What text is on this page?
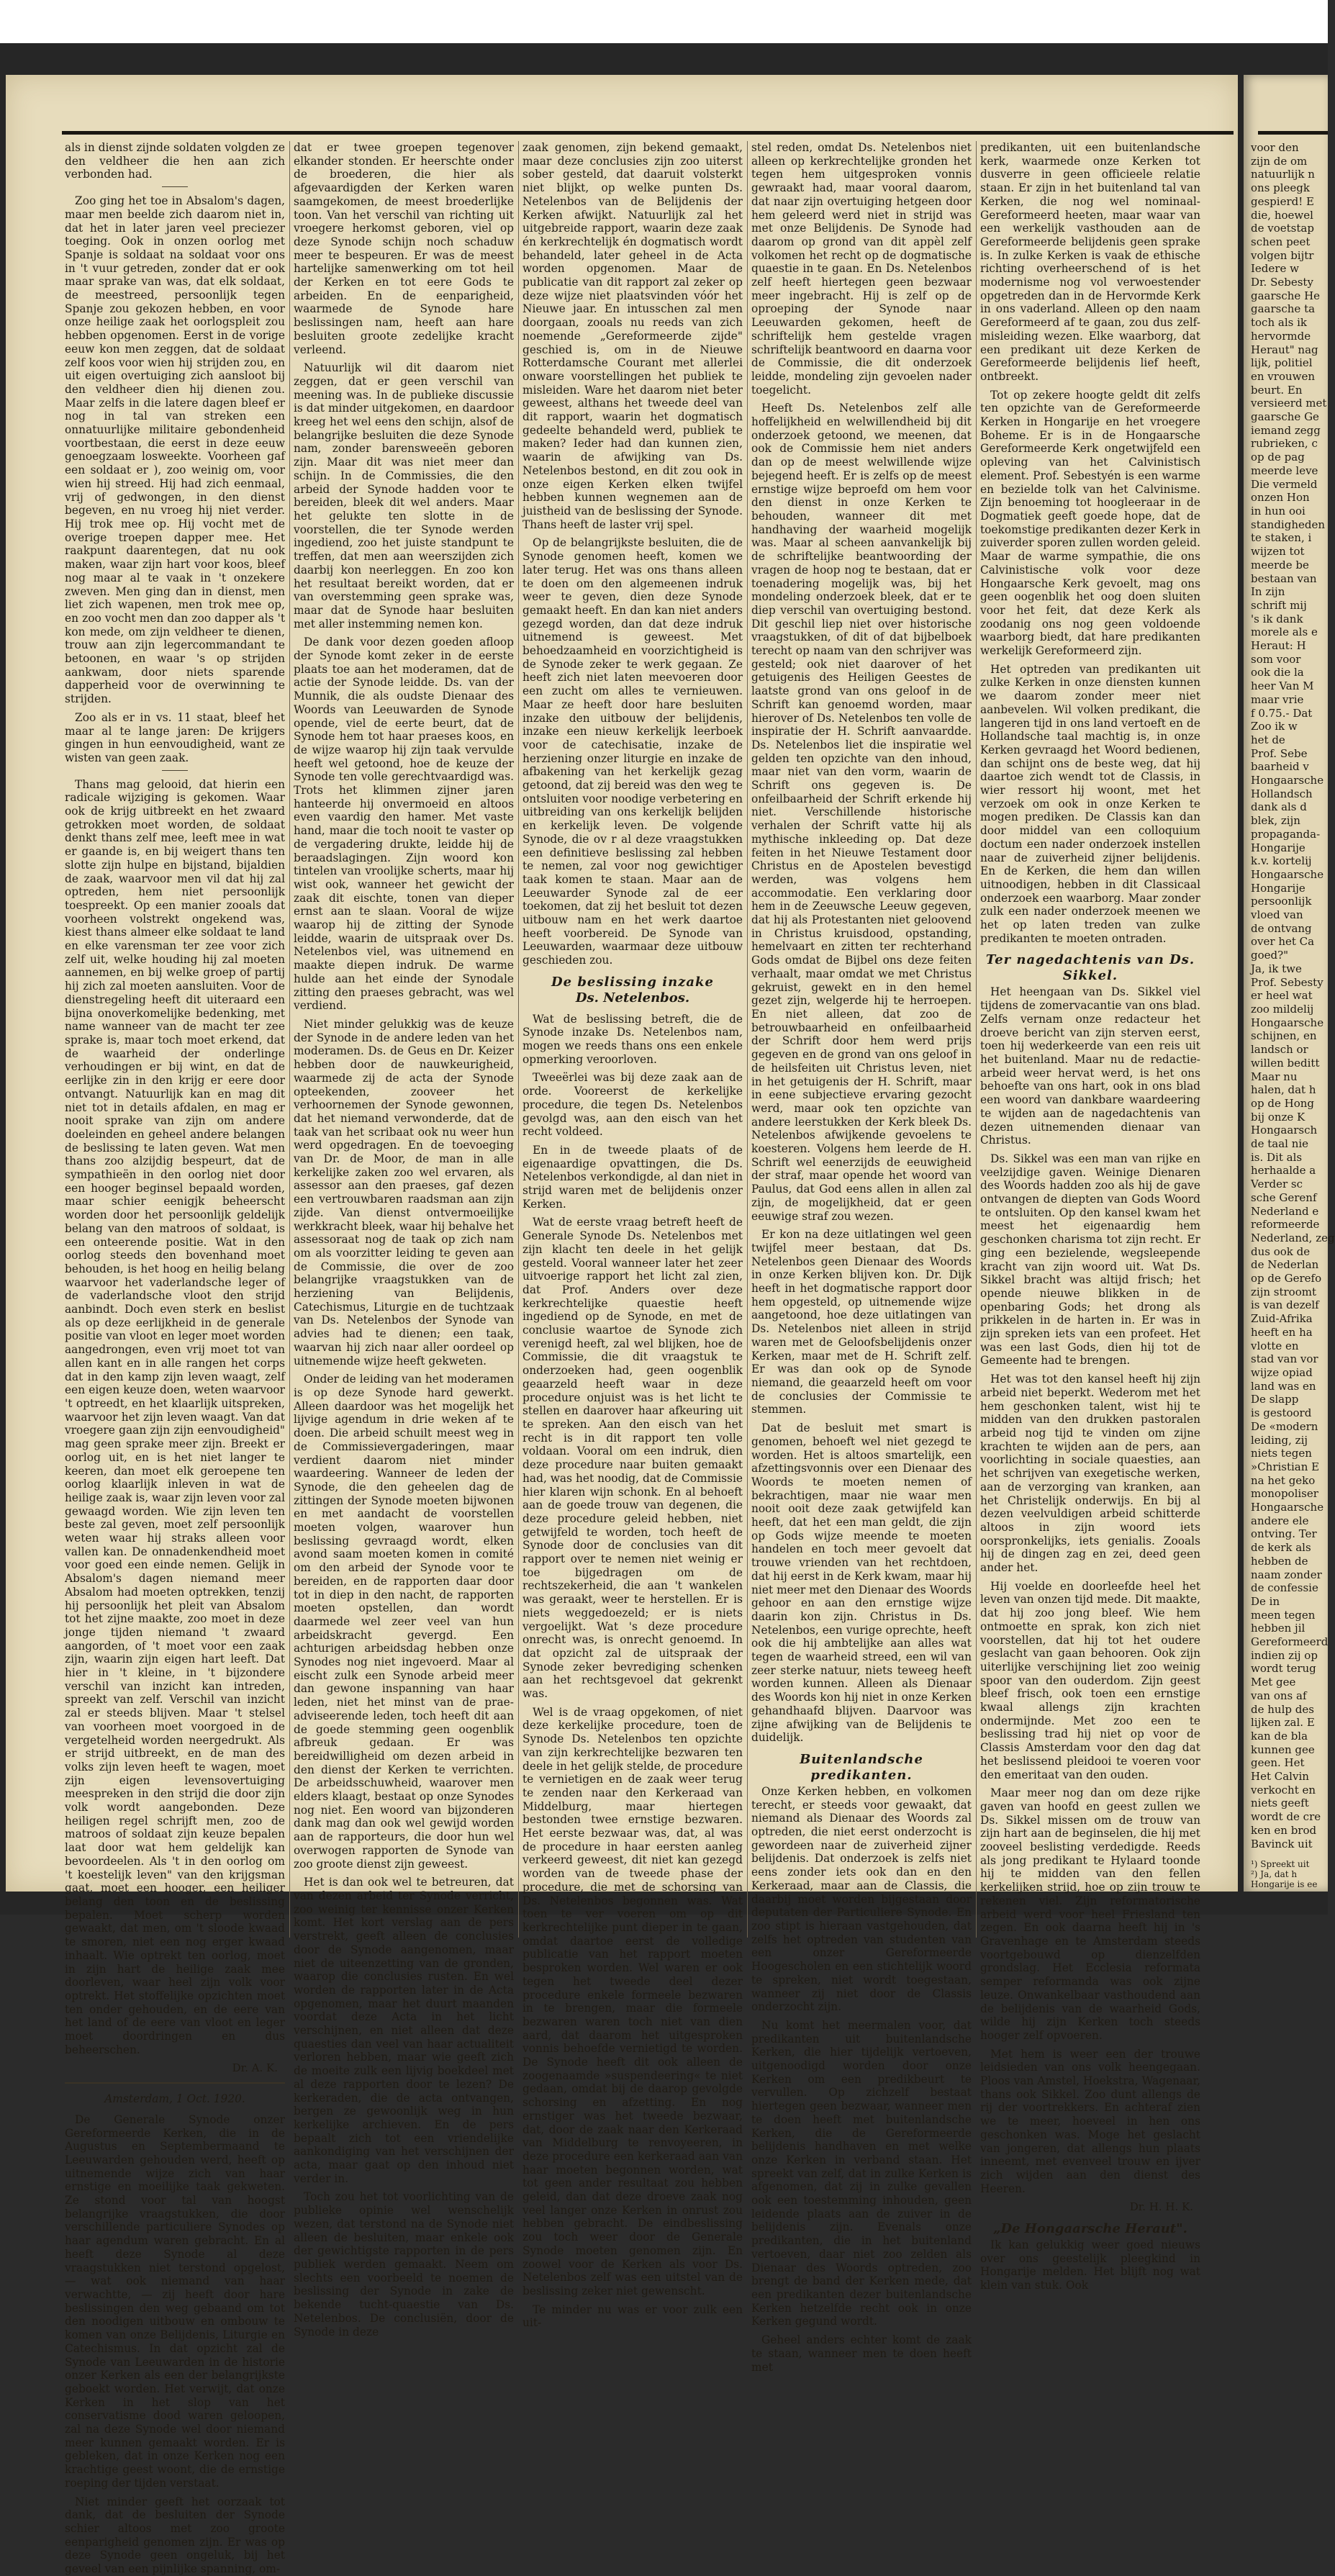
als in dienst zijnde soldaten volgden ze den veldheer die hen aan zich verbonden had.

Zoo ging het toe in Absalom's dagen, maar men beelde zich daarom niet in, dat het in later jaren veel preciezer toeging. Ook in onzen oorlog met Spanje is soldaat na soldaat voor ons in 't vuur getreden, zonder dat er ook maar sprake van was, dat elk soldaat, de meestreed, persoonlijk tegen Spanje zou gekozen hebben, en voor onze heilige zaak het oorlogspleit zou hebben opgenomen. Eerst in de vorige eeuw kon men zeggen, dat de soldaat zelf koos voor wien hij strijden zou, en uit eigen overtuiging zich aansloot bij den veldheer dien hij dienen zou. Maar zelfs in die latere dagen bleef er nog in tal van streken een onnatuurlijke militaire gebondenheid voortbestaan, die eerst in deze eeuw genoegzaam losweekte. Voorheen gaf een soldaat er ), zoo weinig om, voor wien hij streed. Hij had zich eenmaal, vrij of gedwongen, in den dienst begeven, en nu vroeg hij niet verder. Hij trok mee op. Hij vocht met de overige troepen dapper mee. Het raakpunt daarentegen, dat nu ook maken, waar zijn hart voor koos, bleef nog maar al te vaak in 't onzekere zweven. Men ging dan in dienst, men liet zich wapenen, men trok mee op, en zoo vocht men dan zoo dapper als 't kon mede, om zijn veldheer te dienen, trouw aan zijn legercommandant te betoonen, en waar 's op strijden aankwam, door niets sparende dapperheid voor de overwinning te strijden.

Zoo als er in vs. 11 staat, bleef het maar al te lange jaren: De krijgers gingen in hun eenvoudigheid, want ze wisten van geen zaak.

Thans mag gelooid, dat hierin een radicale wijziging is gekomen. Waar ook de krijg uitbreekt en het zwaard getrokken moet worden, de soldaat denkt thans zelf mee, leeft mee in wat er gaande is, en bij weigert thans ten slotte zijn hulpe en bijstand, bijaldien de zaak, waarvoor men vil dat hij zal optreden, hem niet persoonlijk toespreekt. Op een manier zooals dat voorheen volstrekt ongekend was, kiest thans almeer elke soldaat te land en elke varensman ter zee voor zich zelf uit, welke houding hij zal moeten aannemen, en bij welke groep of partij hij zich zal moeten aansluiten. Voor de dienstregeling heeft dit uiteraard een bijna onoverkomelijke bedenking, met name wanneer van de macht ter zee sprake is, maar toch moet erkend, dat de waarheid der onderlinge verhoudingen er bij wint, en dat de eerlijke zin in den krijg er eere door ontvangt. Natuurlijk kan en mag dit niet tot in details afdalen, en mag er nooit sprake van zijn om andere doeleinden en geheel andere belangen de beslissing te laten geven. Wat men thans zoo alzijdig bespeurt, dat de sympathieën in den oorlog niet door een hooger beginsel bepaald worden, maar schier eenigjk beheerscht worden door het persoonlijk geldelijk belang van den matroos of soldaat, is een onteerende positie. Wat in den oorlog steeds den bovenhand moet behouden, is het hoog en heilig belang waarvoor het vaderlandsche leger of de vaderlandsche vloot den strijd aanbindt. Doch even sterk en beslist als op deze eerlijkheid in de generale positie van vloot en leger moet worden aangedrongen, even vrij moet tot van allen kant en in alle rangen het corps dat in den kamp zijn leven waagt, zelf een eigen keuze doen, weten waarvoor 't optreedt, en het klaarlijk uitspreken, waarvoor het zijn leven waagt. Van dat vroegere gaan zijn zijn eenvoudigheid" mag geen sprake meer zijn. Breekt er oorlog uit, en is het niet langer te keeren, dan moet elk geroepene ten oorlog klaarlijk inleven in wat de heilige zaak is, waar zijn leven voor zal gewaagd worden. Wie zijn leven ten beste zal geven, moet zelf persoonlijk weten waar hij straks alleen voor vallen kan. De onnadenkendheid moet voor goed een einde nemen. Gelijk in Absalom's dagen niemand meer Absalom had moeten optrekken, tenzij hij persoonlijk het pleit van Absalom tot het zijne maakte, zoo moet in deze jonge tijden niemand 't zwaard aangorden, of 't moet voor een zaak zijn, waarin zijn eigen hart leeft. Dat hier in 't kleine, in 't bijzondere verschil van inzicht kan intreden, spreekt van zelf. Verschil van inzicht zal er steeds blijven. Maar 't stelsel van voorheen moet voorgoed in de vergetelheid worden neergedrukt. Als er strijd uitbreekt, en de man des volks zijn leven heeft te wagen, moet zijn eigen levensovertuiging meespreken in den strijd die door zijn volk wordt aangebonden. Deze heiligen regel schrijft men, zoo de matroos of soldaat zijn keuze bepalen laat door wat hem geldelijk kan bevoordeelen. Als 't in den oorlog om 't koestelijk leven" van den krijgsman gaat, moet een hooger, een heiliger belang den toon en de beslissing bepalen. Moet scherp worden gewaakt, dat men, om 't sloode kwaad te smoren, niet een nog erger kwaad inhaalt. Wie optrekt ten oorlog, moet in zijn hart de heilige zaak mee doorleven, waar heel zijn volk voor optrekt. Het stoffelijke opzichten moet ten onder gehouden, en de eere van het land of de eere van vloot en leger moet doordringen en dus beheerschen.

Dr. A. K.
Amsterdam, 1 Oct. 1920.

De Generale Synode onzer Gereformeerde Kerken, die in de Augustus en Septembermaand te Leeuwarden gehouden werd, heeft op uitnemende wijze zich van haar ernstige en moeilijke taak gekweten. Ze stond voor tal van hoogst belangrijke vraagstukken, die door verschillende particuliere Synodes op haar agendum waren gebracht. En al heeft deze Synode al deze vraagstukken niet terstond opgelost, — wat ook niemand van haar verwachtte, — zij heeft door hare beslissingen den weg gebaand om tot den noodigen uitbouw en ombouw te komen van onze Belijdenis, Liturgie en Catechismus. In dat opzicht zal de Synode van Leeuwarden in de historie onzer Kerken als een der belangrijkste geboekt worden. Het verwijt, dat onze Kerken in het slop van het conservatisme dood waren geloopen, zal na deze Synode wel door niemand meer kunnen gemaakt worden. Er is gebleken, dat in onze Kerken nog een krachtige geest woont, die de ernstige roeping der tijden verstaat.

Niet minder geeft het oorzaak tot dank, dat de besluiten der Synode schier altoos met zoo groote eenparigheid genomen zijn. Er was op deze Synode geen ongeluk, bij het geveel van een pijnlijke spanning, om-

dat er twee groepen tegenover elkander stonden. Er heerschte onder de broederen, die hier als afgevaardigden der Kerken waren saamgekomen, de meest broederlijke toon. Van het verschil van richting uit vroegere herkomst geboren, viel op deze Synode schijn noch schaduw meer te bespeuren. Er was de meest hartelijke samenwerking om tot heil der Kerken en tot eere Gods te arbeiden. En de eenparigheid, waarmede de Synode hare beslissingen nam, heeft aan hare besluiten groote zedelijke kracht verleend.

Natuurlijk wil dit daarom niet zeggen, dat er geen verschil van meening was. In de publieke discussie is dat minder uitgekomen, en daardoor kreeg het wel eens den schijn, alsof de belangrijke besluiten die deze Synode nam, zonder barensweeën geboren zijn. Maar dit was niet meer dan schijn. In de Commissies, die den arbeid der Synode hadden voor te bereiden, bleek dit wel anders. Maar het gelukte ten slotte in de voorstellen, die ter Synode werden ingediend, zoo het juiste standpunt te treffen, dat men aan weerszijden zich daarbij kon neerleggen. En zoo kon het resultaat bereikt worden, dat er van overstemming geen sprake was, maar dat de Synode haar besluiten met aller instemming nemen kon.

De dank voor dezen goeden afloop der Synode komt zeker in de eerste plaats toe aan het moderamen, dat de actie der Synode leidde. Ds. van der Munnik, die als oudste Dienaar des Woords van Leeuwarden de Synode opende, viel de eerte beurt, dat de Synode hem tot haar praeses koos, en de wijze waarop hij zijn taak vervulde heeft wel getoond, hoe de keuze der Synode ten volle gerechtvaardigd was. Trots het klimmen zijner jaren hanteerde hij onvermoeid en altoos even vaardig den hamer. Met vaste hand, maar die toch nooit te vaster op de vergadering drukte, leidde hij de beraadslagingen. Zijn woord kon tintelen van vroolijke scherts, maar hij wist ook, wanneer het gewicht der zaak dit eischte, tonen van dieper ernst aan te slaan. Vooral de wijze waarop hij de zitting der Synode leidde, waarin de uitspraak over Ds. Netelenbos viel, was uitnemend en maakte diepen indruk. De warme hulde aan het einde der Synodale zitting den praeses gebracht, was wel verdiend.

Niet minder gelukkig was de keuze der Synode in de andere leden van het moderamen. Ds. de Geus en Dr. Keizer hebben door de nauwkeurigheid, waarmede zij de acta der Synode opteekenden, zooveer het verhoornemen der Synode gewonnen, dat het niemand verwonderde, dat de taak van het scribaat ook nu weer hun werd opgedragen. En de toevoeging van Dr. de Moor, de man in alle kerkelijke zaken zoo wel ervaren, als assessor aan den praeses, gaf dezen een vertrouwbaren raadsman aan zijn zijde. Van dienst ontvermoeilijke werkkracht bleek, waar hij behalve het assessoraat nog de taak op zich nam om als voorzitter leiding te geven aan de Commissie, die over de zoo belangrijke vraagstukken van de herziening van Belijdenis, Catechismus, Liturgie en de tuchtzaak van Ds. Netelenbos der Synode van advies had te dienen; een taak, waarvan hij zich naar aller oordeel op uitnemende wijze heeft gekweten.

Onder de leiding van het moderamen is op deze Synode hard gewerkt. Alleen daardoor was het mogelijk het lijvige agendum in drie weken af te doen. Die arbeid schuilt meest weg in de Commissievergaderingen, maar verdient daarom niet minder waardeering. Wanneer de leden der Synode, die den geheelen dag de zittingen der Synode moeten bijwonen en met aandacht de voorstellen moeten volgen, waarover hun beslissing gevraagd wordt, elken avond saam moeten komen in comité om den arbeid der Synode voor te bereiden, en de rapporten daar door tot in diep in den nacht, de rapporten moeten opstellen, dan wordt daarmede wel zeer veel van hun arbeidskracht gevergd. Een achturigen arbeidsdag hebben onze Synodes nog niet ingevoerd. Maar al eischt zulk een Synode arbeid meer dan gewone inspanning van haar leden, niet het minst van de prae-adviseerende leden, toch heeft dit aan de goede stemming geen oogenblik afbreuk gedaan. Er was bereidwilligheid om dezen arbeid in den dienst der Kerken te verrichten. De arbeidsschuwheid, waarover men elders klaagt, bestaat op onze Synodes nog niet. Een woord van bijzonderen dank mag dan ook wel gewijd worden aan de rapporteurs, die door hun wel overwogen rapporten de Synode van zoo groote dienst zijn geweest.

Het is dan ook wel te betreuren, dat van dezen arbeid ter Synode verricht, zoo weinig ter kennisse onzer Kerken komt. Het kort verslag aan de pers verstrekt, geeft alleen de conclusies door de Synode aangenomen, maar niet de uiteenzetting van de gronden, waarop die conclusies rusten. En wel worden de rapporten later in de Acta opgenomen, maar het duurt maanden voordat deze Acta in het licht verschijnen, en niet alleen dat deze quaesties dan veel van haar actualiteit verloren hebben, maar wie geeft zich de moeite zulk een lijvig boekdeel met al deze rapporten door te lezen? De kerkeraden, die de acta ontvangen, bergen ze gewoonlijk weg in hun kerkelijke archieven. En de pers bepaalt zich tot een vriendelijke aankondiging van het verschijnen der acta, maar gaat op den inhoud niet verder in.

Toch zou het tot voorlichting van de publieke opinie wel wenschelijk wezen, dat terstond na de Synode niet alleen de besluiten, maar enkele ook der gewichtigste rapporten in de pers publiek werden gemaakt. Neem om slechts een voorbeeld te noemen de beslissing der Synode in zake de bekende tucht-quaestie van Ds. Netelenbos. De conclusiën, door de Synode in deze

zaak genomen, zijn bekend gemaakt, maar deze conclusies zijn zoo uiterst sober gesteld, dat daaruit volsterkt niet blijkt, op welke punten Ds. Netelenbos van de Belijdenis der Kerken afwijkt. Natuurlijk zal het uitgebreide rapport, waarin deze zaak én kerkrechtelijk én dogmatisch wordt behandeld, later geheel in de Acta worden opgenomen. Maar de publicatie van dit rapport zal zeker op deze wijze niet plaatsvinden vóór het Nieuwe jaar. En intusschen zal men doorgaan, zooals nu reeds van zich noemende „Gereformeerde zijde" geschied is, om in de Nieuwe Rotterdamsche Courant met allerlei onware voorstellingen het publiek te misleiden. Ware het daarom niet beter geweest, althans het tweede deel van dit rapport, waarin het dogmatisch gedeelte behandeld werd, publiek te maken? Ieder had dan kunnen zien, waarin de afwijking van Ds. Netelenbos bestond, en dit zou ook in onze eigen Kerken elken twijfel hebben kunnen wegnemen aan de juistheid van de beslissing der Synode. Thans heeft de laster vrij spel.

Op de belangrijkste besluiten, die de Synode genomen heeft, komen we later terug. Het was ons thans alleen te doen om den algemeenen indruk weer te geven, dien deze Synode gemaakt heeft. En dan kan niet anders gezegd worden, dan dat deze indruk uitnemend is geweest. Met behoedzaamheid en voorzichtigheid is de Synode zeker te werk gegaan. Ze heeft zich niet laten meevoeren door een zucht om alles te vernieuwen. Maar ze heeft door hare besluiten inzake den uitbouw der belijdenis, inzake een nieuw kerkelijk leerboek voor de catechisatie, inzake de herziening onzer liturgie en inzake de afbakening van het kerkelijk gezag getoond, dat zij bereid was den weg te ontsluiten voor noodige verbetering en uitbreiding van ons kerkelijk belijden en kerkelijk leven. De volgende Synode, die ov r al deze vraagstukken een definitieve beslissing zal hebben te nemen, zal voor nog gewichtiger taak komen te staan. Maar aan de Leeuwarder Synode zal de eer toekomen, dat zij het besluit tot dezen uitbouw nam en het werk daartoe heeft voorbereid. De Synode van Leeuwarden, waarmaar deze uitbouw geschieden zou.

De beslissing inzake
Ds. Netelenbos.

Wat de beslissing betreft, die de Synode inzake Ds. Netelenbos nam, mogen we reeds thans ons een enkele opmerking veroorloven.

Tweeërlei was bij deze zaak aan de orde. Vooreerst de kerkelijke procedure, die tegen Ds. Netelenbos gevolgd was, aan den eisch van het recht voldeed.

En in de tweede plaats of de eigenaardige opvattingen, die Ds. Netelenbos verkondigde, al dan niet in strijd waren met de belijdenis onzer Kerken.

Wat de eerste vraag betreft heeft de Generale Synode Ds. Netelenbos met zijn klacht ten deele in het gelijk gesteld. Vooral wanneer later het zeer uitvoerige rapport het licht zal zien, dat Prof. Anders over deze kerkrechtelijke quaestie heeft ingediend op de Synode, en met de conclusie waartoe de Synode zich verenigd heeft, zal wel blijken, hoe de Commissie, die dit vraagstuk te onderzoeken had, geen oogenblik geaarzeld heeft waar in deze procedure onjuist was is het licht te stellen en daarover haar afkeuring uit te spreken. Aan den eisch van het recht is in dit rapport ten volle voldaan. Vooral om een indruk, dien deze procedure naar buiten gemaakt had, was het noodig, dat de Commissie hier klaren wijn schonk. En al behoeft aan de goede trouw van degenen, die deze procedure geleid hebben, niet getwijfeld te worden, toch heeft de Synode door de conclusies van dit rapport over te nemen niet weinig er toe bijgedragen om de rechtszekerheid, die aan 't wankelen was geraakt, weer te herstellen. Er is niets weggedoezeld; er is niets vergoelijkt. Wat 's deze procedure onrecht was, is onrecht genoemd. In dat opzicht zal de uitspraak der Synode zeker bevrediging schenken aan het rechtsgevoel dat gekrenkt was.

Wel is de vraag opgekomen, of niet deze kerkelijke procedure, toen de Synode Ds. Netelenbos ten opzichte van zijn kerkrechtelijke bezwaren ten deele in het gelijk stelde, de procedure te vernietigen en de zaak weer terug te zenden naar den Kerkeraad van Middelburg, maar hiertegen bestonden twee ernstige bezwaren. Het eerste bezwaar was, dat, al was de procedure in haar eersten aanleg verkeerd geweest, dit niet kan gezegd worden van de tweede phase der procedure, die met de schorsing van Ds. Netelenbos begonnen was. Wat toen te ver voeren om op dit kerkrechtelijke punt dieper in te gaan, omdat daartoe eerst de volledige publicatie van het rapport moeten besproken worden. Wel waren er ook tegen het tweede deel dezer procedure enkele formeele bezwaren in te brengen, maar die formeele bezwaren waren toch niet van dien aard, dat daarom het uitgesproken vonnis behoefde vernietigd te worden. De Synode heeft dit ook alleen de zoogenaamde »suspendeering« te niet gedaan, omdat bij de daarop gevolgde schorsing en afzetting. En nog ernstiger was het tweede bezwaar, dat, door de zaak naar den Kerkeraad van Middelburg te renvoyeeren, in deze procedure een kerkeraad aan van haar moeten begonnen worden, wat tot geen ander resultaat zou hebben geleid, dan dat deze droeve zaak nog veel langer onze Kerken in onrust zou hebben gebracht. De eindbeslissing zou toch weer door de Generale Synode moeten genomen zijn. En zoowel voor de Kerken als voor Ds. Netelenbos zelf was een uitstel van de beslissing zeker niet gewenscht.

Te minder nu was er voor zulk een uit-

stel reden, omdat Ds. Netelenbos niet alleen op kerkrechtelijke gronden het tegen hem uitgesproken vonnis gewraakt had, maar vooral daarom, dat naar zijn overtuiging hetgeen door hem geleerd werd niet in strijd was met onze Belijdenis. De Synode had daarom op grond van dit appèl zelf volkomen het recht op de dogmatische quaestie in te gaan. En Ds. Netelenbos zelf heeft hiertegen geen bezwaar meer ingebracht. Hij is zelf op de oproeping der Synode naar Leeuwarden gekomen, heeft de schriftelijk hem gestelde vragen schriftelijk beantwoord en daarna voor de Commissie, die dit onderzoek leidde, mondeling zijn gevoelen nader toegelicht.

Heeft Ds. Netelenbos zelf alle hoffelijkheid en welwillendheid bij dit onderzoek getoond, we meenen, dat ook de Commissie hem niet anders dan op de meest welwillende wijze bejegend heeft. Er is zelfs op de meest ernstige wijze beproefd om hem voor den dienst in onze Kerken te behouden, wanneer dit met handhaving der waarheid mogelijk was. Maar al scheen aanvankelijk bij de schriftelijke beantwoording der vragen de hoop nog te bestaan, dat er toenadering mogelijk was, bij het mondeling onderzoek bleek, dat er te diep verschil van overtuiging bestond. Dit geschil liep niet over historische vraagstukken, of dit of dat bijbelboek terecht op naam van den schrijver was gesteld; ook niet daarover of het getuigenis des Heiligen Geestes de laatste grond van ons geloof in de Schrift kan genoemd worden, maar hierover of Ds. Netelenbos ten volle de inspiratie der H. Schrift aanvaardde. Ds. Netelenbos liet die inspiratie wel gelden ten opzichte van den inhoud, maar niet van den vorm, waarin de Schrift ons gegeven is. De onfeilbaarheid der Schrift erkende hij niet. Verschillende historische verhalen der Schrift vatte hij als mythische inkleeding op. Dat deze feiten in het Nieuwe Testament door Christus en de Apostelen bevestigd werden, was volgens hem accommodatie. Een verklaring door hem in de Zeeuwsche Leeuw gegeven, dat hij als Protestanten niet geloovend in Christus kruisdood, opstanding, hemelvaart en zitten ter rechterhand Gods omdat de Bijbel ons deze feiten verhaalt, maar omdat we met Christus gekruist, gewekt en in den hemel gezet zijn, welgerde hij te herroepen. En niet alleen, dat zoo de betrouwbaarheid en onfeilbaarheid der Schrift door hem werd prijs gegeven en de grond van ons geloof in de heilsfeiten uit Christus leven, niet in het getuigenis der H. Schrift, maar in eene subjectieve ervaring gezocht werd, maar ook ten opzichte van andere leerstukken der Kerk bleek Ds. Netelenbos afwijkende gevoelens te koesteren. Volgens hem leerde de H. Schrift wel eenerzijds de eeuwigheid der straf, maar opende het woord van Paulus, dat God eens allen in allen zal zijn, de mogelijkheid, dat er geen eeuwige straf zou wezen.

Er kon na deze uitlatingen wel geen twijfel meer bestaan, dat Ds. Netelenbos geen Dienaar des Woords in onze Kerken blijven kon. Dr. Dijk heeft in het dogmatische rapport door hem opgesteld, op uitnemende wijze aangetoond, hoe deze uitlatingen van Ds. Netelenbos niet alleen in strijd waren met de Geloofsbelijdenis onzer Kerken, maar met de H. Schrift zelf. Er was dan ook op de Synode niemand, die geaarzeld heeft om voor de conclusies der Commissie te stemmen.

Dat de besluit met smart is genomen, behoeft wel niet gezegd te worden. Het is altoos smartelijk, een afzettingsvonnis over een Dienaar des Woords te moeten nemen of bekrachtigen, maar nie waar men nooit ooit deze zaak getwijfeld kan heeft, dat het een man geldt, die zijn op Gods wijze meende te moeten handelen en toch meer gevoelt dat trouwe vrienden van het rechtdoen, dat hij eerst in de Kerk kwam, maar hij niet meer met den Dienaar des Woords gehoor en aan den ernstige wijze daarin kon zijn. Christus in Ds. Netelenbos, een vurige oprechte, heeft ook die hij ambtelijke aan alles wat tegen de waarheid streed, een wil van zeer sterke natuur, niets teweeg heeft worden kunnen. Alleen als Dienaar des Woords kon hij niet in onze Kerken gehandhaafd blijven. Daarvoor was zijne afwijking van de Belijdenis te duidelijk.

Buitenlandsche predikanten.

Onze Kerken hebben, en volkomen terecht, er steeds voor gewaakt, dat niemand als Dienaar des Woords zal optreden, die niet eerst onderzocht is gewordeen naar de zuiverheid zijner belijdenis. Dat onderzoek is zelfs niet eens zonder iets ook dan en den Kerkeraad, maar aan de Classis, die daarbij moet worden bijgestaan door deputaten der Particuliere Synode. En zoo stipt is hieraan vastgehouden, dat zelfs het optreden van studenten van een onzer Gereformeerde Hoogescholen en een stichtelijk woord te spreken, niet wordt toegestaan, wanneer zij niet door de Classis onderzocht zijn.

Nu komt het meermalen voor, dat predikanten uit buitenlandsche Kerken, die hier tijdelijk vertoeven, uitgenoodigd worden door onze Kerken om een predikbeurt te vervullen. Op zichzelf bestaat hiertegen geen bezwaar, wanneer men te doen heeft met buitenlandsche Kerken, die de Gereformeerde belijdenis handhaven en met welke onze Kerken in verband staan. Het spreekt van zelf, dat in zulke Kerken is afgenomen, dat zij in zulke gevallen ook een toestemming inhouden, geen leidende plaats aan de zuiver in de belijdenis zijn. Evenals onze predikanten, die in het buitenland vertoeven, daar niet zoo zelden als Dienaar des Woords optreden, zoo brengt de band der Kerken mede, dat een predikanten dezer buitenlandsche Kerken hetzelfde recht ook in onze Kerken gegund wordt.

Geheel anders echter komt de zaak te staan, wanneer men te doen heeft met

predikanten, uit een buitenlandsche kerk, waarmede onze Kerken tot dusverre in geen officieele relatie staan. Er zijn in het buitenland tal van Kerken, die nog wel nominaal-Gereformeerd heeten, maar waar van een werkelijk vasthouden aan de Gereformeerde belijdenis geen sprake is. In zulke Kerken is vaak de ethische richting overheerschend of is het modernisme nog vol verwoestender opgetreden dan in de Hervormde Kerk in ons vaderland. Alleen op den naam Gereformeerd af te gaan, zou dus zelf-misleiding wezen. Elke waarborg, dat een predikant uit deze Kerken de Gereformeerde belijdenis lief heeft, ontbreekt.

Tot op zekere hoogte geldt dit zelfs ten opzichte van de Gereformeerde Kerken in Hongarije en het vroegere Boheme. Er is in de Hongaarsche Gereformeerde Kerk ongetwijfeld een opleving van het Calvinistisch element. Prof. Sebestyén is een warme en bezielde tolk van het Calvinisme. Zijn benoeming tot hoogleeraar in de Dogmatiek geeft goede hope, dat de toekomstige predikanten dezer Kerk in zuiverder sporen zullen worden geleid. Maar de warme sympathie, die ons Calvinistische volk voor deze Hongaarsche Kerk gevoelt, mag ons geen oogenblik het oog doen sluiten voor het feit, dat deze Kerk als zoodanig ons nog geen voldoende waarborg biedt, dat hare predikanten werkelijk Gereformeerd zijn.

Het optreden van predikanten uit zulke Kerken in onze diensten kunnen we daarom zonder meer niet aanbevelen. Wil volken predikant, die langeren tijd in ons land vertoeft en de Hollandsche taal machtig is, in onze Kerken gevraagd het Woord bedienen, dan schijnt ons de beste weg, dat hij daartoe zich wendt tot de Classis, in wier ressort hij woont, met het verzoek om ook in onze Kerken te mogen prediken. De Classis kan dan door middel van een colloquium doctum een nader onderzoek instellen naar de zuiverheid zijner belijdenis. En de Kerken, die hem dan willen uitnoodigen, hebben in dit Classicaal onderzoek een waarborg. Maar zonder zulk een nader onderzoek meenen we het op laten treden van zulke predikanten te moeten ontraden.

Ter nagedachtenis van Ds. Sikkel.

Het heengaan van Ds. Sikkel viel tijdens de zomervacantie van ons blad. Zelfs vernam onze redacteur het droeve bericht van zijn sterven eerst, toen hij wederkeerde van een reis uit het buitenland. Maar nu de redactie-arbeid weer hervat werd, is het ons behoefte van ons hart, ook in ons blad een woord van dankbare waardeering te wijden aan de nagedachtenis van dezen uitnemenden dienaar van Christus.

Ds. Sikkel was een man van rijke en veelzijdige gaven. Weinige Dienaren des Woords hadden zoo als hij de gave ontvangen de diepten van Gods Woord te ontsluiten. Op den kansel kwam het meest het eigenaardig hem geschonken charisma tot zijn recht. Er ging een bezielende, wegsleepende kracht van zijn woord uit. Wat Ds. Sikkel bracht was altijd frisch; het opende nieuwe blikken in de openbaring Gods; het drong als prikkelen in de harten in. Er was in zijn spreken iets van een profeet. Het was een last Gods, dien hij tot de Gemeente had te brengen.

Het was tot den kansel heeft hij zijn arbeid niet beperkt. Wederom met het hem geschonken talent, wist hij te midden van den drukken pastoralen arbeid nog tijd te vinden om zijne krachten te wijden aan de pers, aan voorlichting in sociale quaesties, aan het schrijven van exegetische werken, aan de verzorging van kranken, aan het Christelijk onderwijs. En bij al dezen veelvuldigen arbeid schitterde altoos in zijn woord iets oorspronkelijks, iets genialis. Zooals hij de dingen zag en zei, deed geen ander het.

Hij voelde en doorleefde heel het leven van onzen tijd mede. Dit maakte, dat hij zoo jong bleef. Wie hem ontmoette en sprak, kon zich niet voorstellen, dat hij tot het oudere geslacht van gaan behooren. Ook zijn uiterlijke verschijning liet zoo weinig spoor van den ouderdom. Zijn geest bleef frisch, ook toen een ernstige kwaal allengs zijn krachten ondermijnde. Met zoo een te beslissing trad hij niet op voor de Classis Amsterdam voor den dag dat het beslissend pleidooi te voeren voor den emeritaat van den ouden.

Maar meer nog dan om deze rijke gaven van hoofd en geest zullen we Ds. Sikkel missen om de trouw van zijn hart aan de beginselen, die hij met zooveel beslisting verdedigde. Reeds als jong predikant te Hylaard toonde hij te midden van den fellen kerkelijken strijd, hoe op zijn trouw te rekenen viel. Zijn reformatorische arbeid werd voor heel Friesland ten zegen. En ook daarna heeft hij in 's Gravenhage en te Amsterdam steeds voortgebouwd op dienzelfden grondslag. Het Ecclesia reformata semper reformanda was ook zijne leuze. Onwankelbaar vasthoudend aan de belijdenis van de waarheid Gods, wilde hij zijn Kerken toch steeds hooger zelf opvoeren.

Met hem is weer een der trouwe leidsieden van ons volk heengegaan. Ploos van Amstel, Hoekstra, Wagenaar, thans ook Sikkel. Zoo dunt allengs de rij der voortrekkers. En achteraf zien we te meer, hoeveel in hen ons geschonken was. Moge het geslacht van jongeren, dat allengs hun plaats inneemt, met evenveel trouw en ijver zich wijden aan den dienst des Heeren.

Dr. H. H. K.
„De Hongaarsche Heraut".

Ik kan gelukkig weer goed nieuws over ons geestelijk pleegkind in Hongarije melden. Het blijft nog wat klein van stuk. Ook

voor den
zijn de om
natuurlijk n
ons pleegk
gespierd! E
die, hoewel
de voetstap
schen peet
volgen bijtr
Iedere w
Dr. Sebesty
gaarsche He
gaarsche ta
toch als ik
hervormde
Heraut" nag
lijk, politiel
en vrouwen
beurt. En
versieerd met
gaarsche Ge
iemand zegg
rubrieken, c
op de pag
meerde leve
Die vermeld
onzen Hon
in hun ooi
standigheden
te staken, i
wijzen tot
meerde be
bestaan van
In zijn
schrift mij
's ik dank
morele als e
Heraut: H
som voor
ook die la
heer Van M
maar vrie
f 0.75.- Dat
Zoo ik w
het de
Prof. Sebe
baarheid v
Hongaarsche
Hollandsch
dank als d
blek, zijn
propaganda-
Hongarije
k.v. kortelij
Hongaarsche
Hongarije
persoonlijk
vloed van
de ontvang
over het Ca
goed?"
Ja, ik twe
Prof. Sebesty
er heel wat
zoo mildelij
Hongaarsche
schijnen, en
landsch or
willen beditt
Maar nu
halen, dat h
op de Hong
bij onze K
Hongaarsch
de taal nie
is. Dit als
herhaalde a
Verder sc
sche Gerenf
Nederland e
reformeerde
Nederland, zeg
dus ook de
de Nederlan
op de Gerefo
zijn stroomt
is van dezelf
Zuid-Afrika
heeft en ha
vlotte en
stad van vor
wijze opiad
land was en
De slapp
is gestoord
De «modern
leiding, zij
niets tegen
»Christian E
na het geko
monopoliser
Hongaarsche
andere ele
ontving. Ter
de kerk als
hebben de
naam zonder
de confessie
De in
meen tegen
hebben jil
Gereformeerd
indien zij op
wordt terug
Met gee
van ons af
de hulp des
lijken zal. E
kan de bla
kunnen gee
geen. Het
Het Calvin
verkocht en
niets geeft
wordt de cre
ken en brod
Bavinck uit
¹) Spreekt uit
²) Ja, dat h
Hongarije is ee
